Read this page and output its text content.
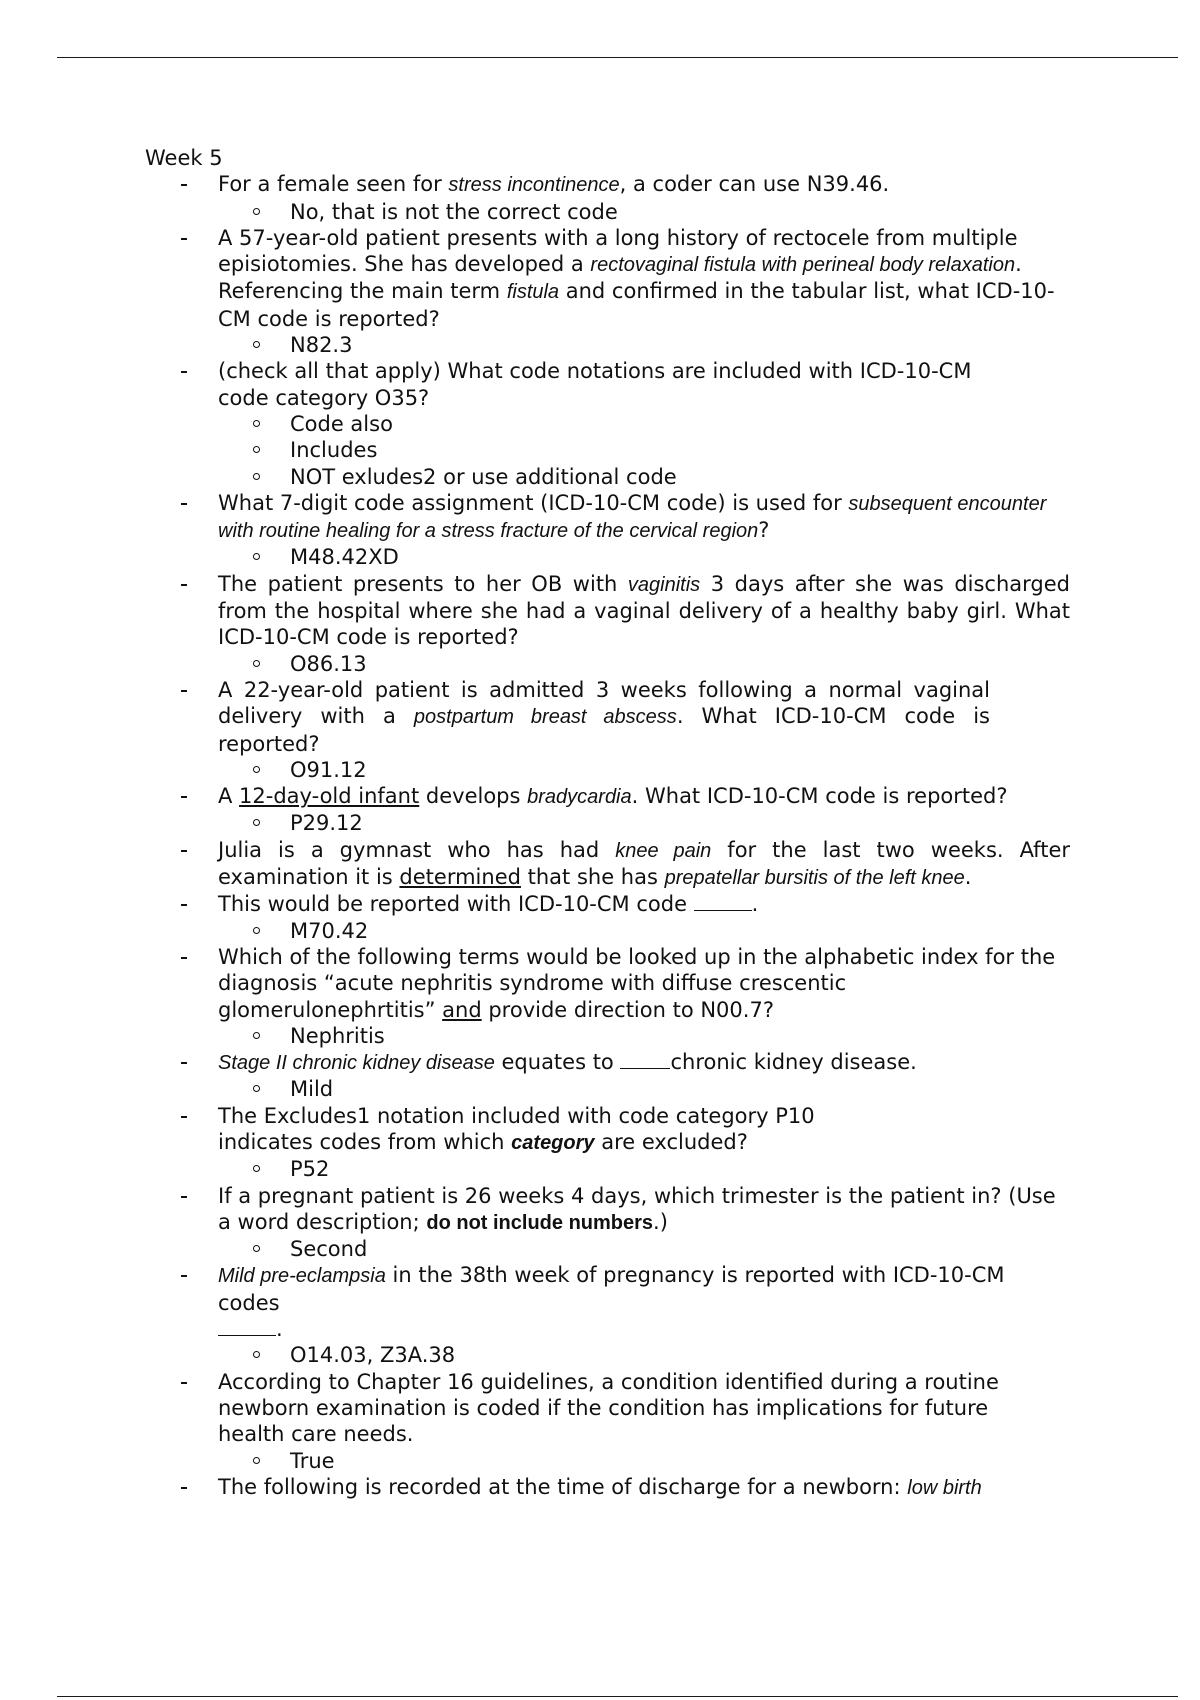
Week 5
For a female seen for stress incontinence, a coder can use N39.46.
No, that is not the correct code
A 57-year-old patient presents with a long history of rectocele from multiple episiotomies. She has developed a rectovaginal fistula with perineal body relaxation. Referencing the main term fistula and confirmed in the tabular list, what ICD-10-CM code is reported?
N82.3
(check all that apply) What code notations are included with ICD-10-CM code category O35?
Code also
Includes
NOT exludes2 or use additional code
What 7-digit code assignment (ICD-10-CM code) is used for subsequent encounter with routine healing for a stress fracture of the cervical region?
M48.42XD
The patient presents to her OB with vaginitis 3 days after she was discharged from the hospital where she had a vaginal delivery of a healthy baby girl. What ICD-10-CM code is reported?
O86.13
A 22-year-old patient is admitted 3 weeks following a normal vaginal delivery with a postpartum breast abscess. What ICD-10-CM code is reported?
O91.12
A 12-day-old infant develops bradycardia. What ICD-10-CM code is reported?
P29.12
Julia is a gymnast who has had knee pain for the last two weeks. After examination it is determined that she has prepatellar bursitis of the left knee.
This would be reported with ICD-10-CM code	.
M70.42
Which of the following terms would be looked up in the alphabetic index for the diagnosis “acute nephritis syndrome with diffuse crescentic glomerulonephrtitis” and provide direction to N00.7?
Nephritis
Stage II chronic kidney disease equates to chronic kidney disease.
Mild
The Excludes1 notation included with code category P10 indicates codes from which category are excluded?
P52
If a pregnant patient is 26 weeks 4 days, which trimester is the patient in? (Use a word description; do not include numbers.)
Second
Mild pre-eclampsia in the 38th week of pregnancy is reported with ICD-10-CM codes
.
O14.03, Z3A.38
According to Chapter 16 guidelines, a condition identified during a routine newborn examination is coded if the condition has implications for future health care needs.
True
The following is recorded at the time of discharge for a newborn: low birth
